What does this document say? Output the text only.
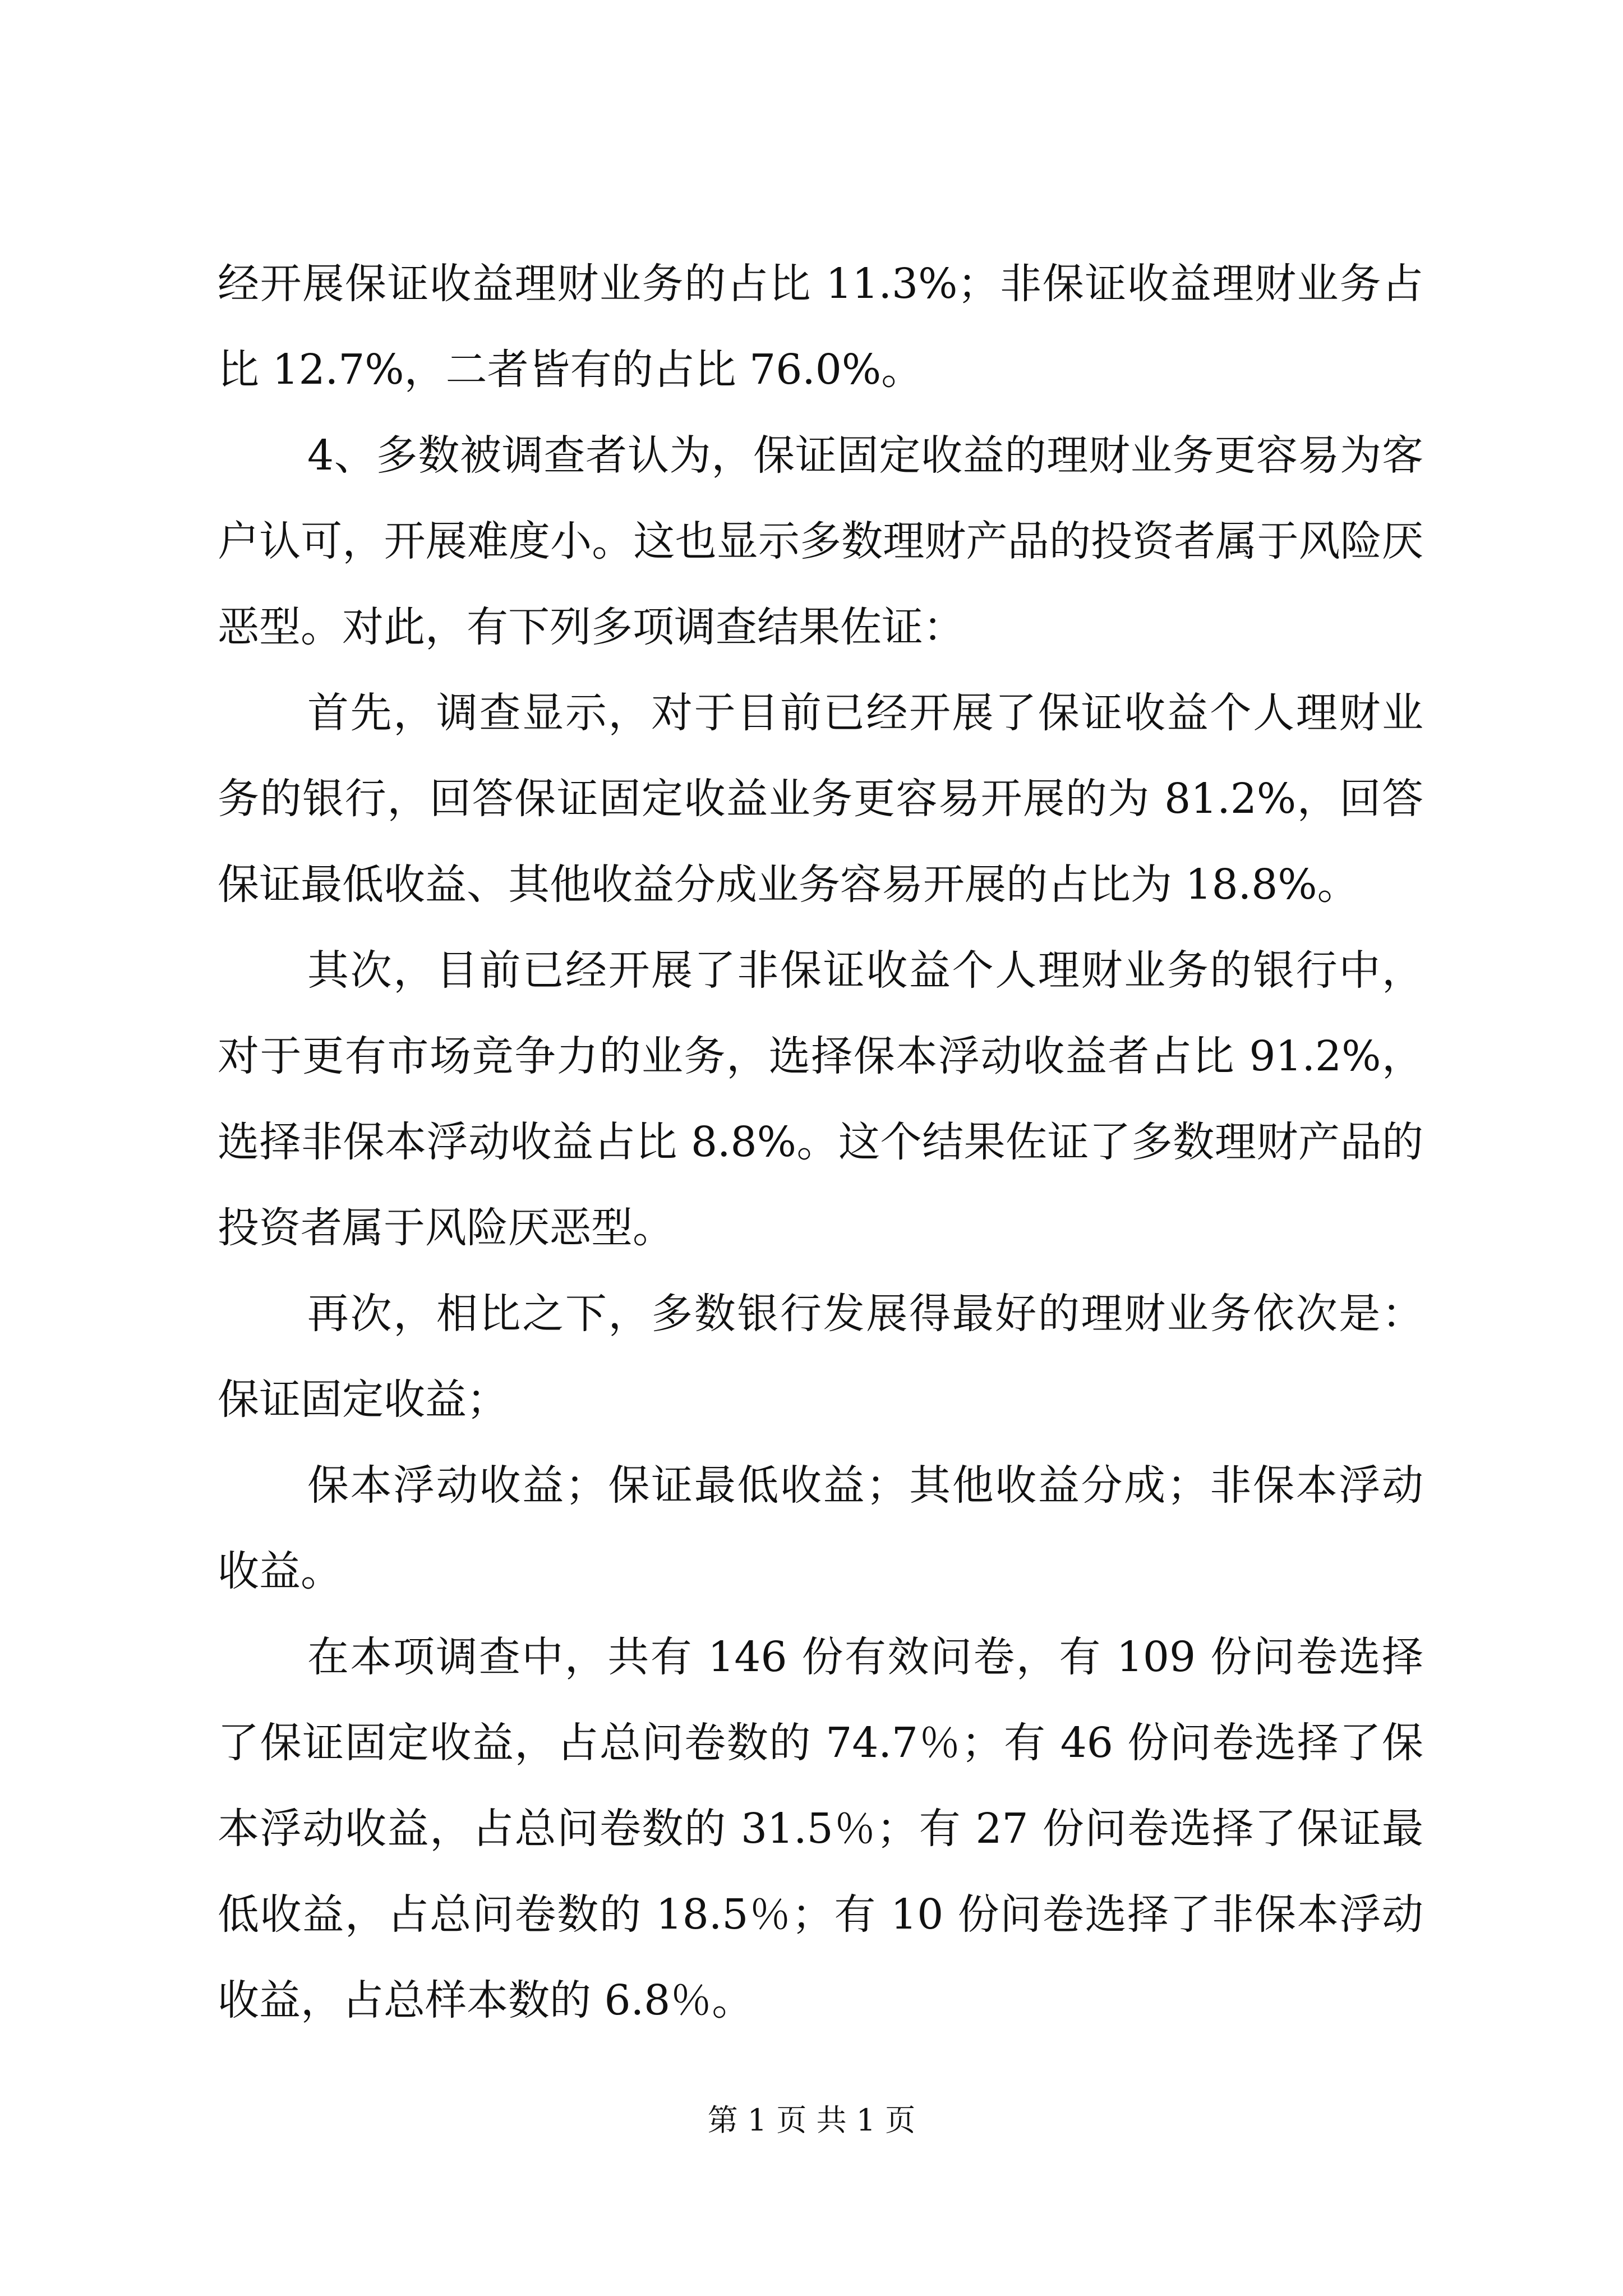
经开展保证收益理财业务的占比 11.3%；非保证收益理财业务占比 12.7%，二者皆有的占比 76.0%。

4、多数被调查者认为，保证固定收益的理财业务更容易为客户认可，开展难度小。这也显示多数理财产品的投资者属于风险厌恶型。对此，有下列多项调查结果佐证：

首先，调查显示，对于目前已经开展了保证收益个人理财业务的银行，回答保证固定收益业务更容易开展的为 81.2%，回答保证最低收益、其他收益分成业务容易开展的占比为 18.8%。

其次，目前已经开展了非保证收益个人理财业务的银行中，对于更有市场竞争力的业务，选择保本浮动收益者占比 91.2%，选择非保本浮动收益占比 8.8%。这个结果佐证了多数理财产品的投资者属于风险厌恶型。

再次，相比之下，多数银行发展得最好的理财业务依次是：保证固定收益；

保本浮动收益；保证最低收益；其他收益分成；非保本浮动收益。

在本项调查中，共有 146 份有效问卷，有 109 份问卷选择了保证固定收益，占总问卷数的 74.7％；有 46 份问卷选择了保本浮动收益，占总问卷数的 31.5％；有 27 份问卷选择了保证最低收益，占总问卷数的 18.5％；有 10 份问卷选择了非保本浮动收益，占总样本数的 6.8％。

第 1 页 共 1 页
